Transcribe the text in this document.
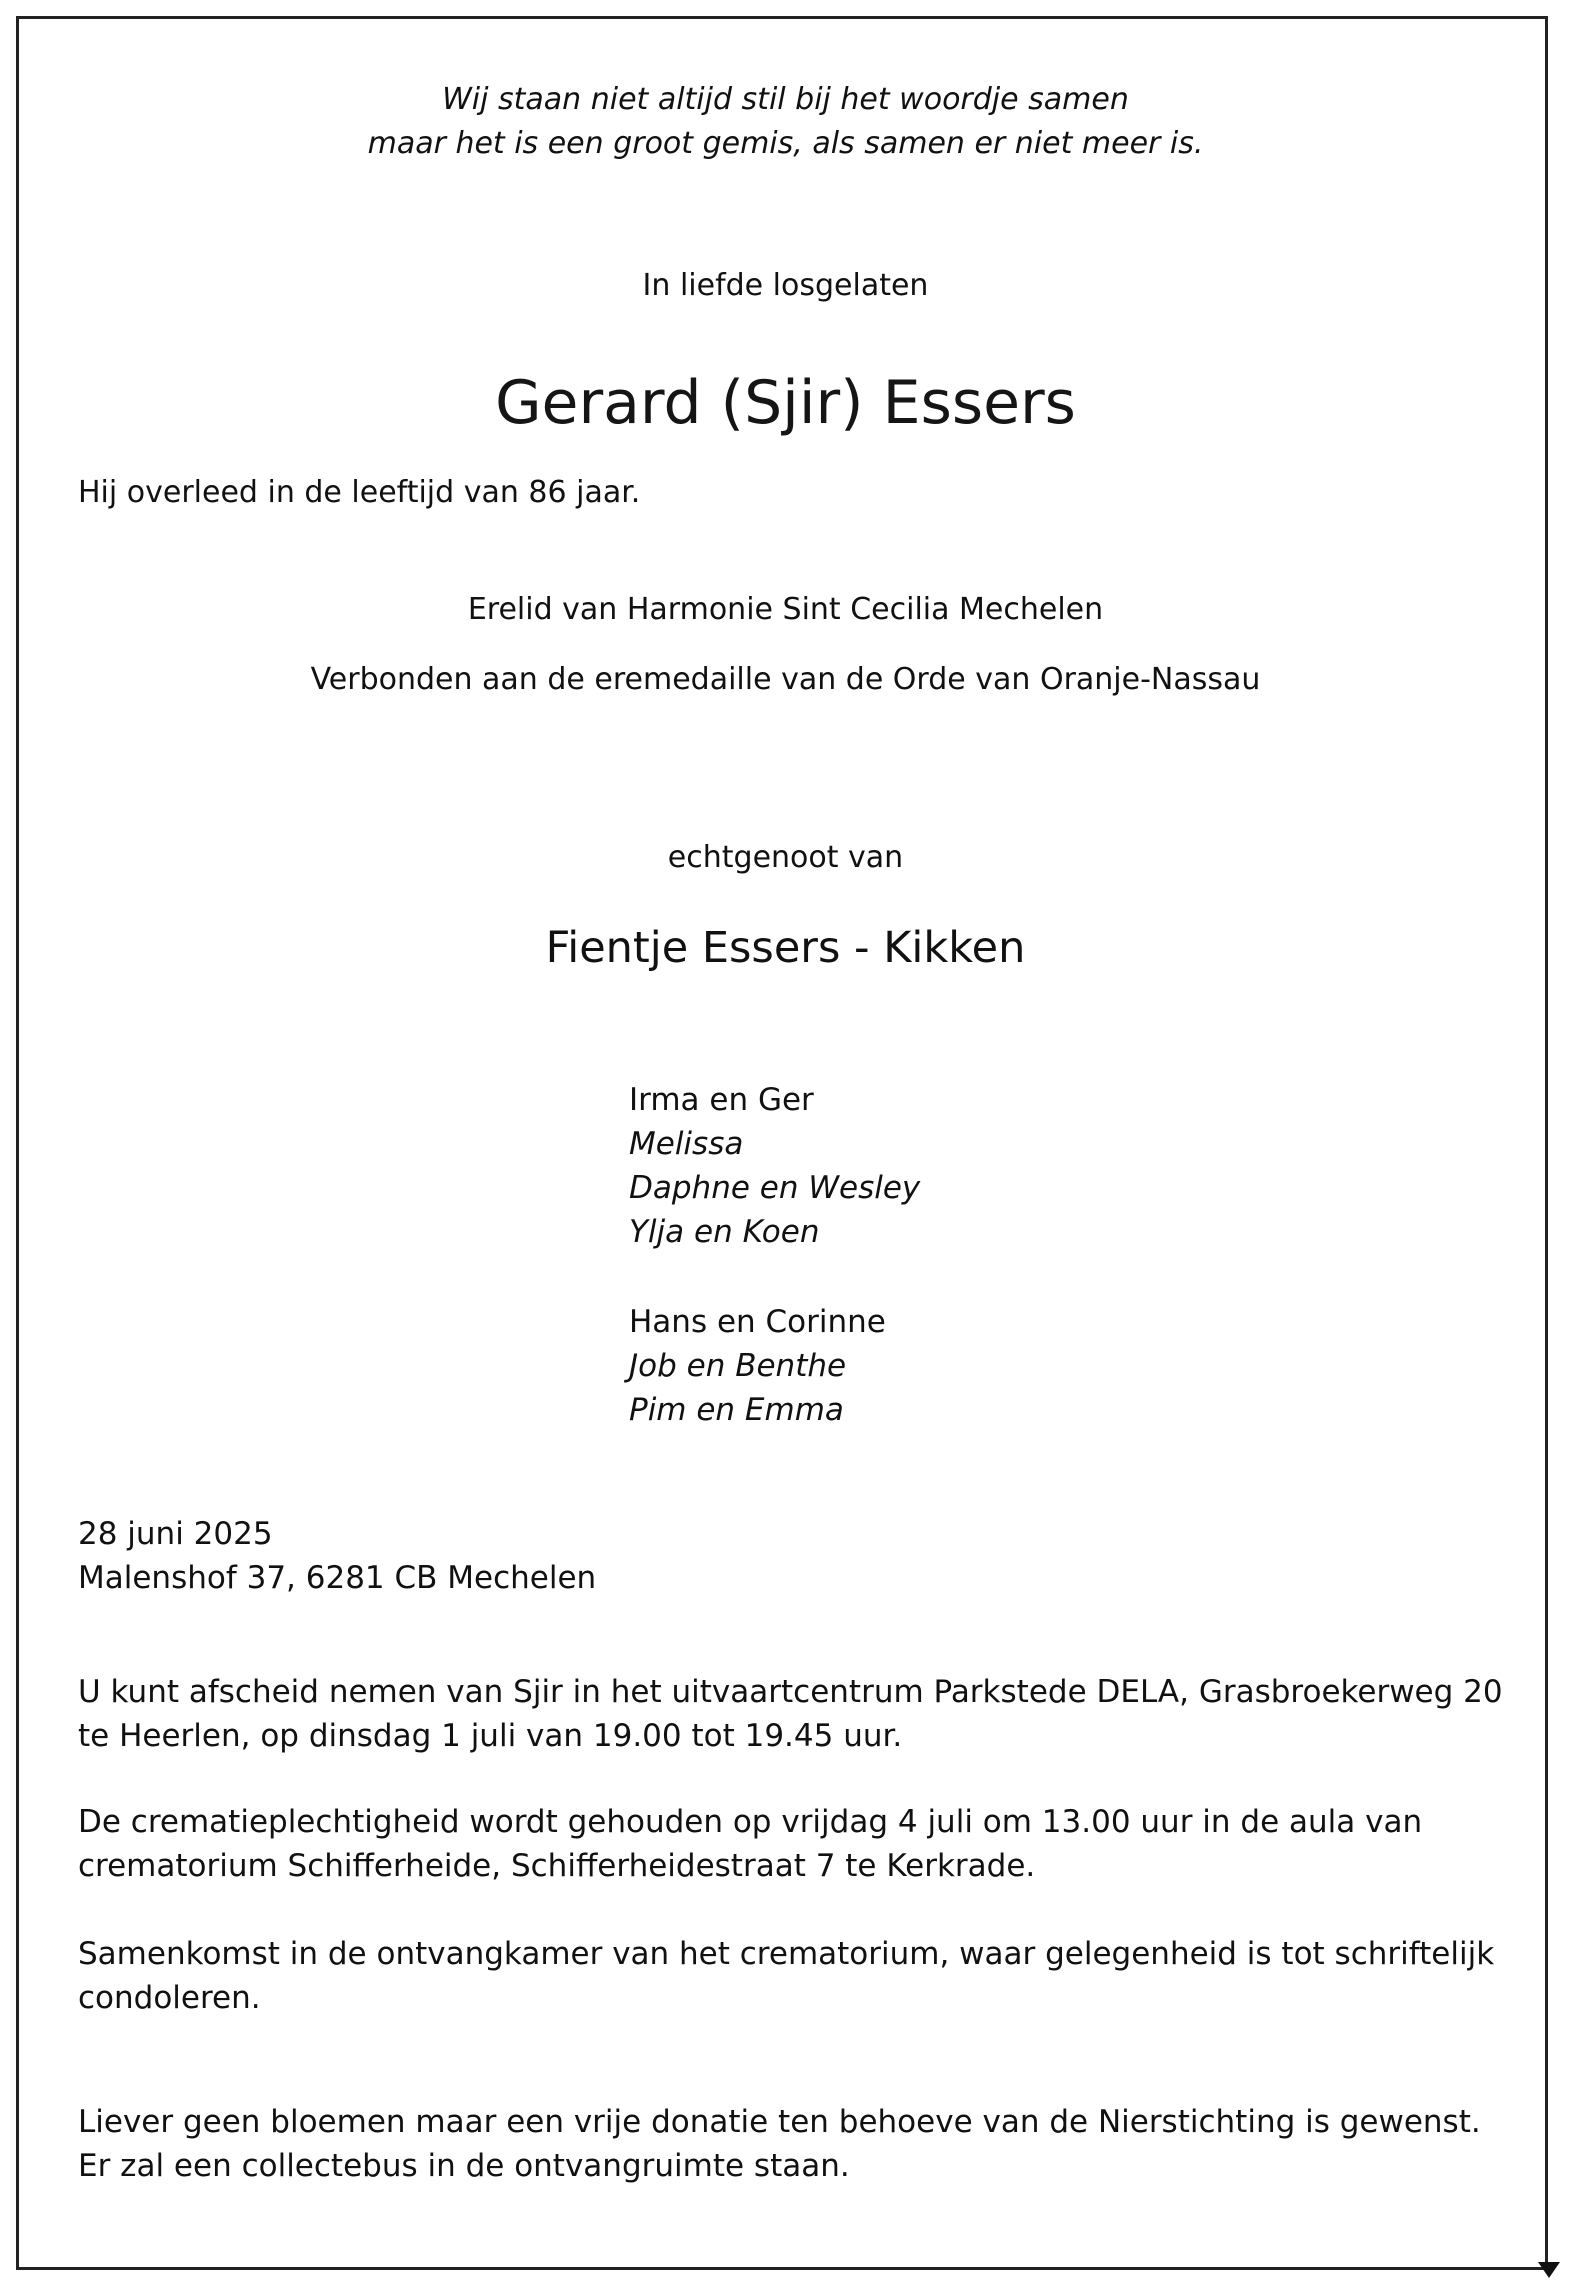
Wij staan niet altijd stil bij het woordje samen
maar het is een groot gemis, als samen er niet meer is.

In liefde losgelaten

Gerard (Sjir) Essers

Hij overleed in de leeftijd van 86 jaar.

Erelid van Harmonie Sint Cecilia Mechelen

Verbonden aan de eremedaille van de Orde van Oranje-Nassau

echtgenoot van

Fientje Essers - Kikken

Irma en Ger
Melissa
Daphne en Wesley
Ylja en Koen
Hans en Corinne
Job en Benthe
Pim en Emma
28 juni 2025
Malenshof 37, 6281 CB Mechelen
U kunt afscheid nemen van Sjir in het uitvaartcentrum Parkstede DELA, Grasbroekerweg 20
te Heerlen, op dinsdag 1 juli van 19.00 tot 19.45 uur.
De crematieplechtigheid wordt gehouden op vrijdag 4 juli om 13.00 uur in de aula van
crematorium Schifferheide, Schifferheidestraat 7 te Kerkrade.
Samenkomst in de ontvangkamer van het crematorium, waar gelegenheid is tot schriftelijk
condoleren.
Liever geen bloemen maar een vrije donatie ten behoeve van de Nierstichting is gewenst.
Er zal een collectebus in de ontvangruimte staan.
